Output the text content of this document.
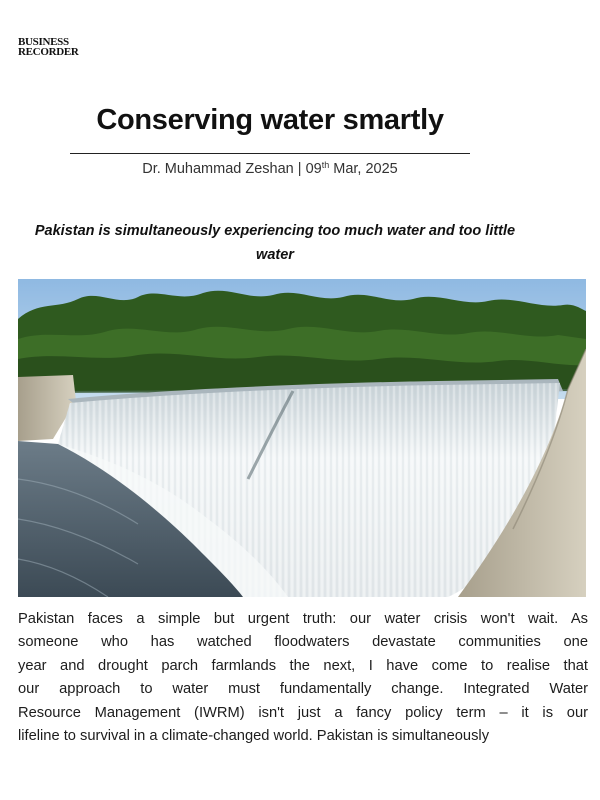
BUSINESS
RECORDER
Conserving water smartly
Dr. Muhammad Zeshan | 09th Mar, 2025
Pakistan is simultaneously experiencing too much water and too little water

Pakistan faces a simple but urgent truth: our water crisis won't wait. As

someone who has watched floodwaters devastate communities one

year and drought parch farmlands the next, I have come to realise that

our approach to water must fundamentally change. Integrated Water

Resource Management (IWRM) isn't just a fancy policy term – it is our

lifeline to survival in a climate-changed world. Pakistan is simultaneously
